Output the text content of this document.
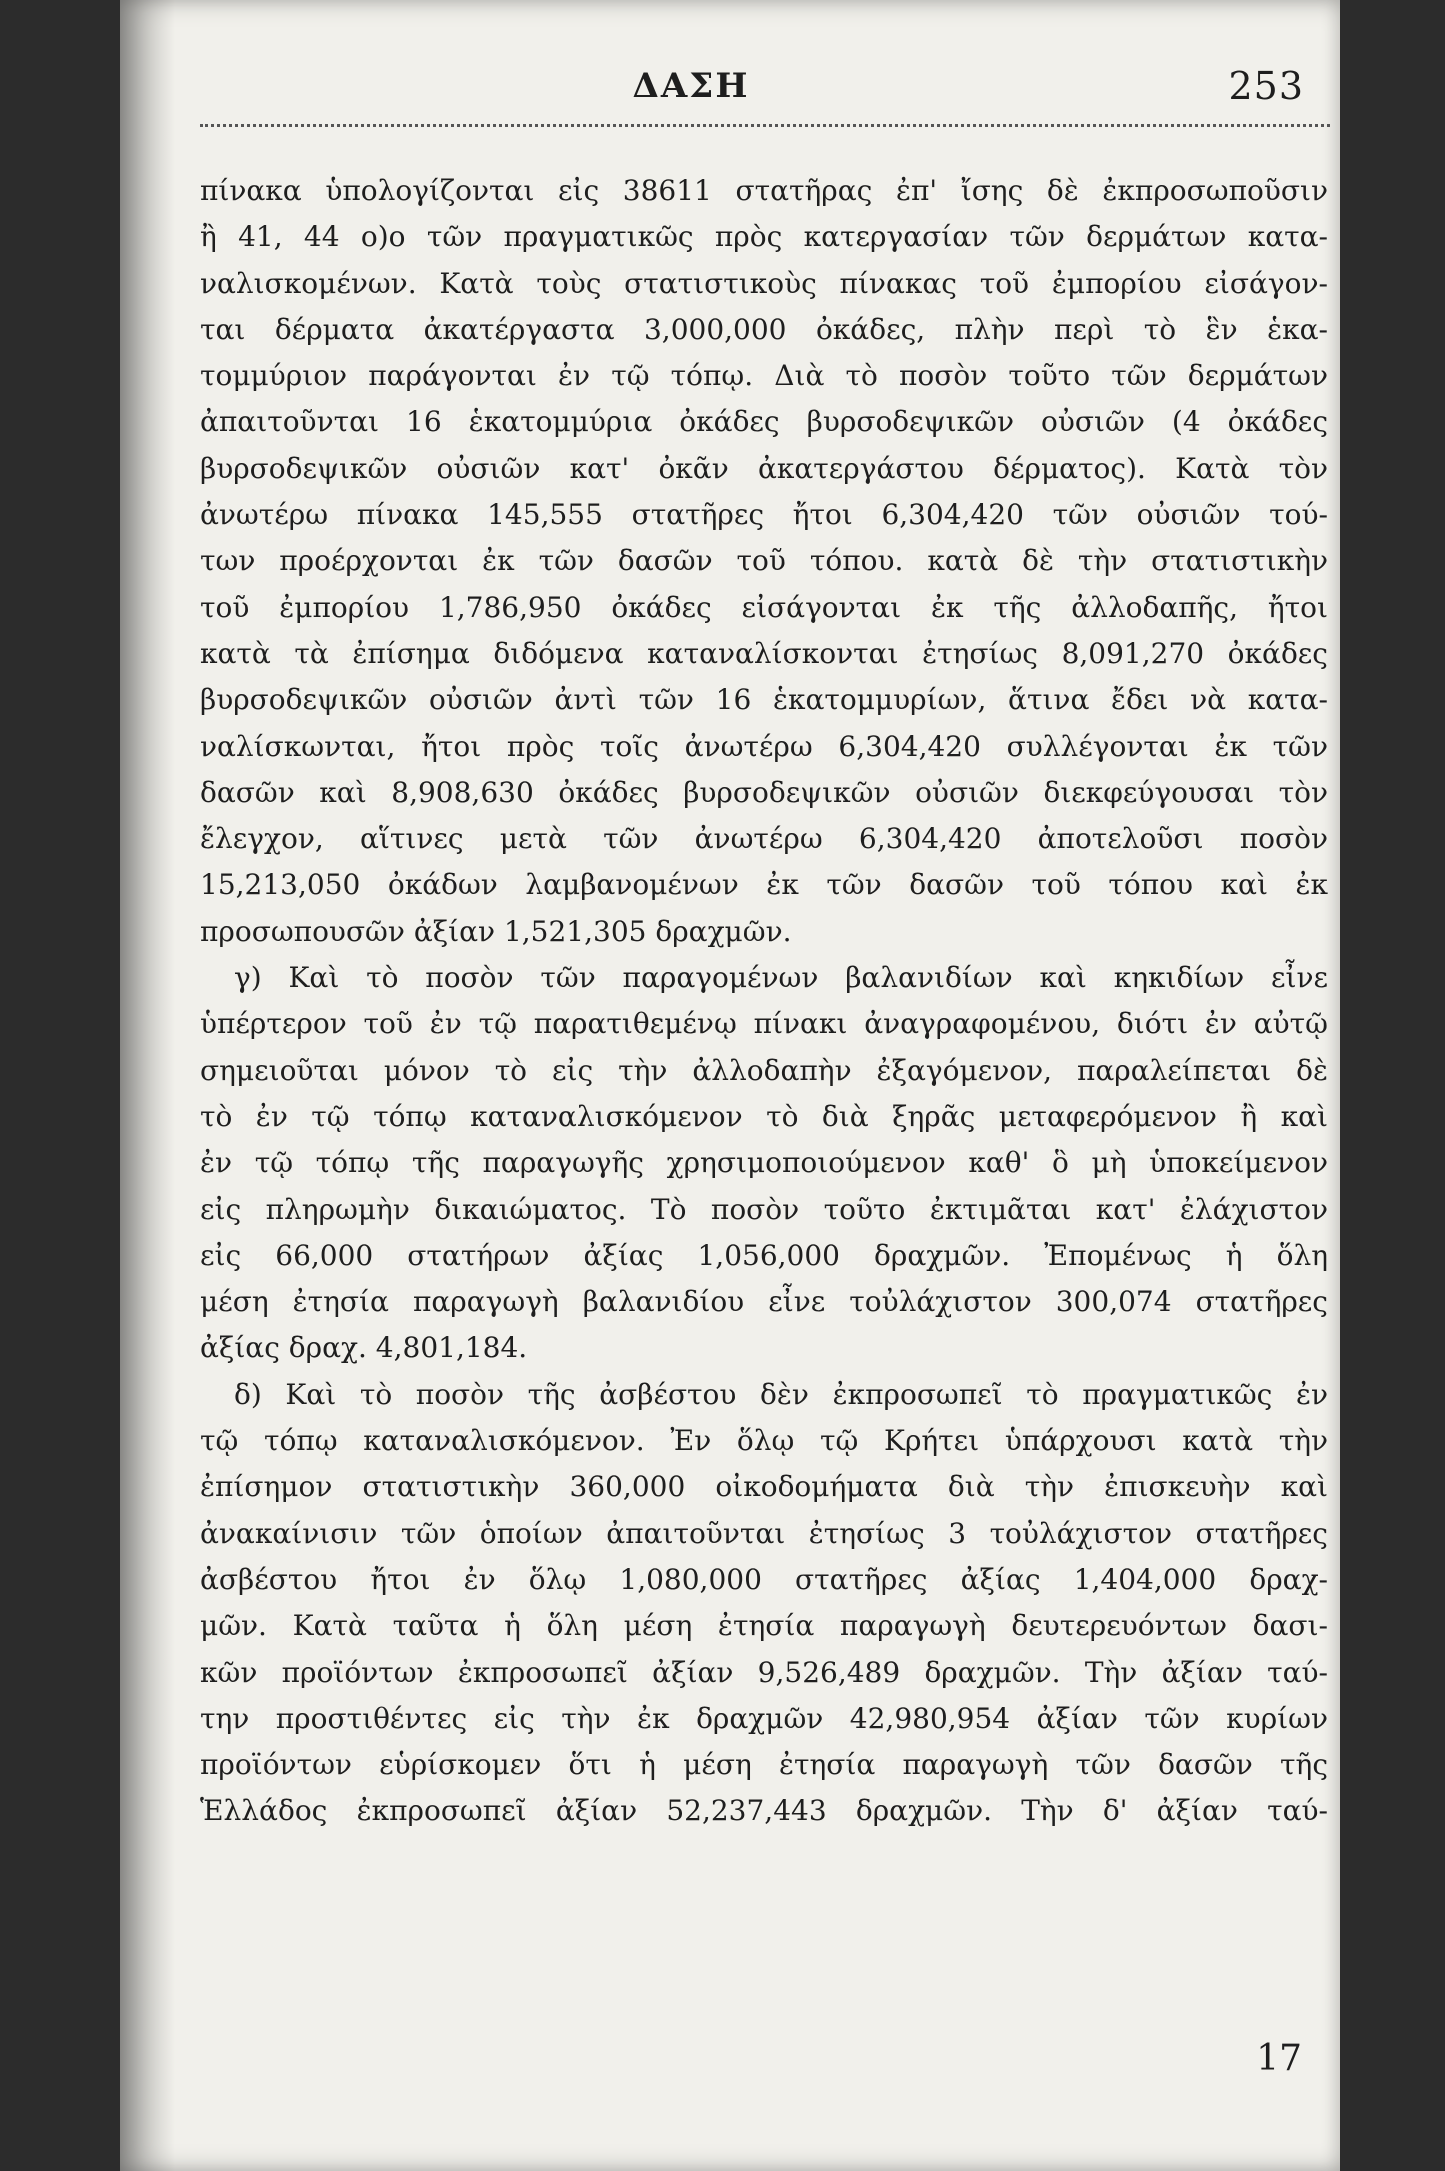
ΔΑΣΗ	253
πίνακα ὑπολογίζονται εἰς 38611 στατῆρας ἐπ' ἴσης δὲ ἐκπροσωποῦσιν
ἢ 41, 44 ο)ο τῶν πραγματικῶς πρὸς κατεργασίαν τῶν δερμάτων κατα-
ναλισκομένων. Κατὰ τοὺς στατιστικοὺς πίνακας τοῦ ἐμπορίου εἰσάγον-
ται δέρματα ἀκατέργαστα 3,000,000 ὀκάδες, πλὴν περὶ τὸ ἓν ἑκα-
τομμύριον παράγονται ἐν τῷ τόπῳ. Διὰ τὸ ποσὸν τοῦτο τῶν δερμάτων
ἀπαιτοῦνται 16 ἑκατομμύρια ὀκάδες βυρσοδεψικῶν οὐσιῶν (4 ὀκάδες
βυρσοδεψικῶν οὐσιῶν κατ' ὀκᾶν ἀκατεργάστου δέρματος). Κατὰ τὸν
ἀνωτέρω πίνακα 145,555 στατῆρες ἤτοι 6,304,420 τῶν οὐσιῶν τού-
των προέρχονται ἐκ τῶν δασῶν τοῦ τόπου. κατὰ δὲ τὴν στατιστικὴν
τοῦ ἐμπορίου 1,786,950 ὀκάδες εἰσάγονται ἐκ τῆς ἀλλοδαπῆς, ἤτοι
κατὰ τὰ ἐπίσημα διδόμενα καταναλίσκονται ἐτησίως 8,091,270 ὀκάδες
βυρσοδεψικῶν οὐσιῶν ἀντὶ τῶν 16 ἑκατομμυρίων, ἅτινα ἔδει νὰ κατα-
ναλίσκωνται, ἤτοι πρὸς τοῖς ἀνωτέρω 6,304,420 συλλέγονται ἐκ τῶν
δασῶν καὶ 8,908,630 ὀκάδες βυρσοδεψικῶν οὐσιῶν διεκφεύγουσαι τὸν
ἔλεγχον, αἵτινες μετὰ τῶν ἀνωτέρω 6,304,420 ἀποτελοῦσι ποσὸν
15,213,050 ὀκάδων λαμβανομένων ἐκ τῶν δασῶν τοῦ τόπου καὶ ἐκ
προσωπουσῶν ἀξίαν 1,521,305 δραχμῶν.
γ) Καὶ τὸ ποσὸν τῶν παραγομένων βαλανιδίων καὶ κηκιδίων εἶνε
ὑπέρτερον τοῦ ἐν τῷ παρατιθεμένῳ πίνακι ἀναγραφομένου, διότι ἐν αὐτῷ
σημειοῦται μόνον τὸ εἰς τὴν ἀλλοδαπὴν ἐξαγόμενον, παραλείπεται δὲ
τὸ ἐν τῷ τόπῳ καταναλισκόμενον τὸ διὰ ξηρᾶς μεταφερόμενον ἢ καὶ
ἐν τῷ τόπῳ τῆς παραγωγῆς χρησιμοποιούμενον καθ' ὃ μὴ ὑποκείμενον
εἰς πληρωμὴν δικαιώματος. Τὸ ποσὸν τοῦτο ἐκτιμᾶται κατ' ἐλάχιστον
εἰς 66,000 στατήρων ἀξίας 1,056,000 δραχμῶν. Ἐπομένως ἡ ὅλη
μέση ἐτησία παραγωγὴ βαλανιδίου εἶνε τοὐλάχιστον 300,074 στατῆρες
ἀξίας δραχ. 4,801,184.
δ) Καὶ τὸ ποσὸν τῆς ἀσβέστου δὲν ἐκπροσωπεῖ τὸ πραγματικῶς ἐν
τῷ τόπῳ καταναλισκόμενον. Ἐν ὅλῳ τῷ Κρήτει ὑπάρχουσι κατὰ τὴν
ἐπίσημον στατιστικὴν 360,000 οἰκοδομήματα διὰ τὴν ἐπισκευὴν καὶ
ἀνακαίνισιν τῶν ὁποίων ἀπαιτοῦνται ἐτησίως 3 τοὐλάχιστον στατῆρες
ἀσβέστου ἤτοι ἐν ὅλῳ 1,080,000 στατῆρες ἀξίας 1,404,000 δραχ-
μῶν. Κατὰ ταῦτα ἡ ὅλη μέση ἐτησία παραγωγὴ δευτερευόντων δασι-
κῶν προϊόντων ἐκπροσωπεῖ ἀξίαν 9,526,489 δραχμῶν. Τὴν ἀξίαν ταύ-
την προστιθέντες εἰς τὴν ἐκ δραχμῶν 42,980,954 ἀξίαν τῶν κυρίων
προϊόντων εὑρίσκομεν ὅτι ἡ μέση ἐτησία παραγωγὴ τῶν δασῶν τῆς
Ἑλλάδος ἐκπροσωπεῖ ἀξίαν 52,237,443 δραχμῶν. Τὴν δ' ἀξίαν ταύ-
17
